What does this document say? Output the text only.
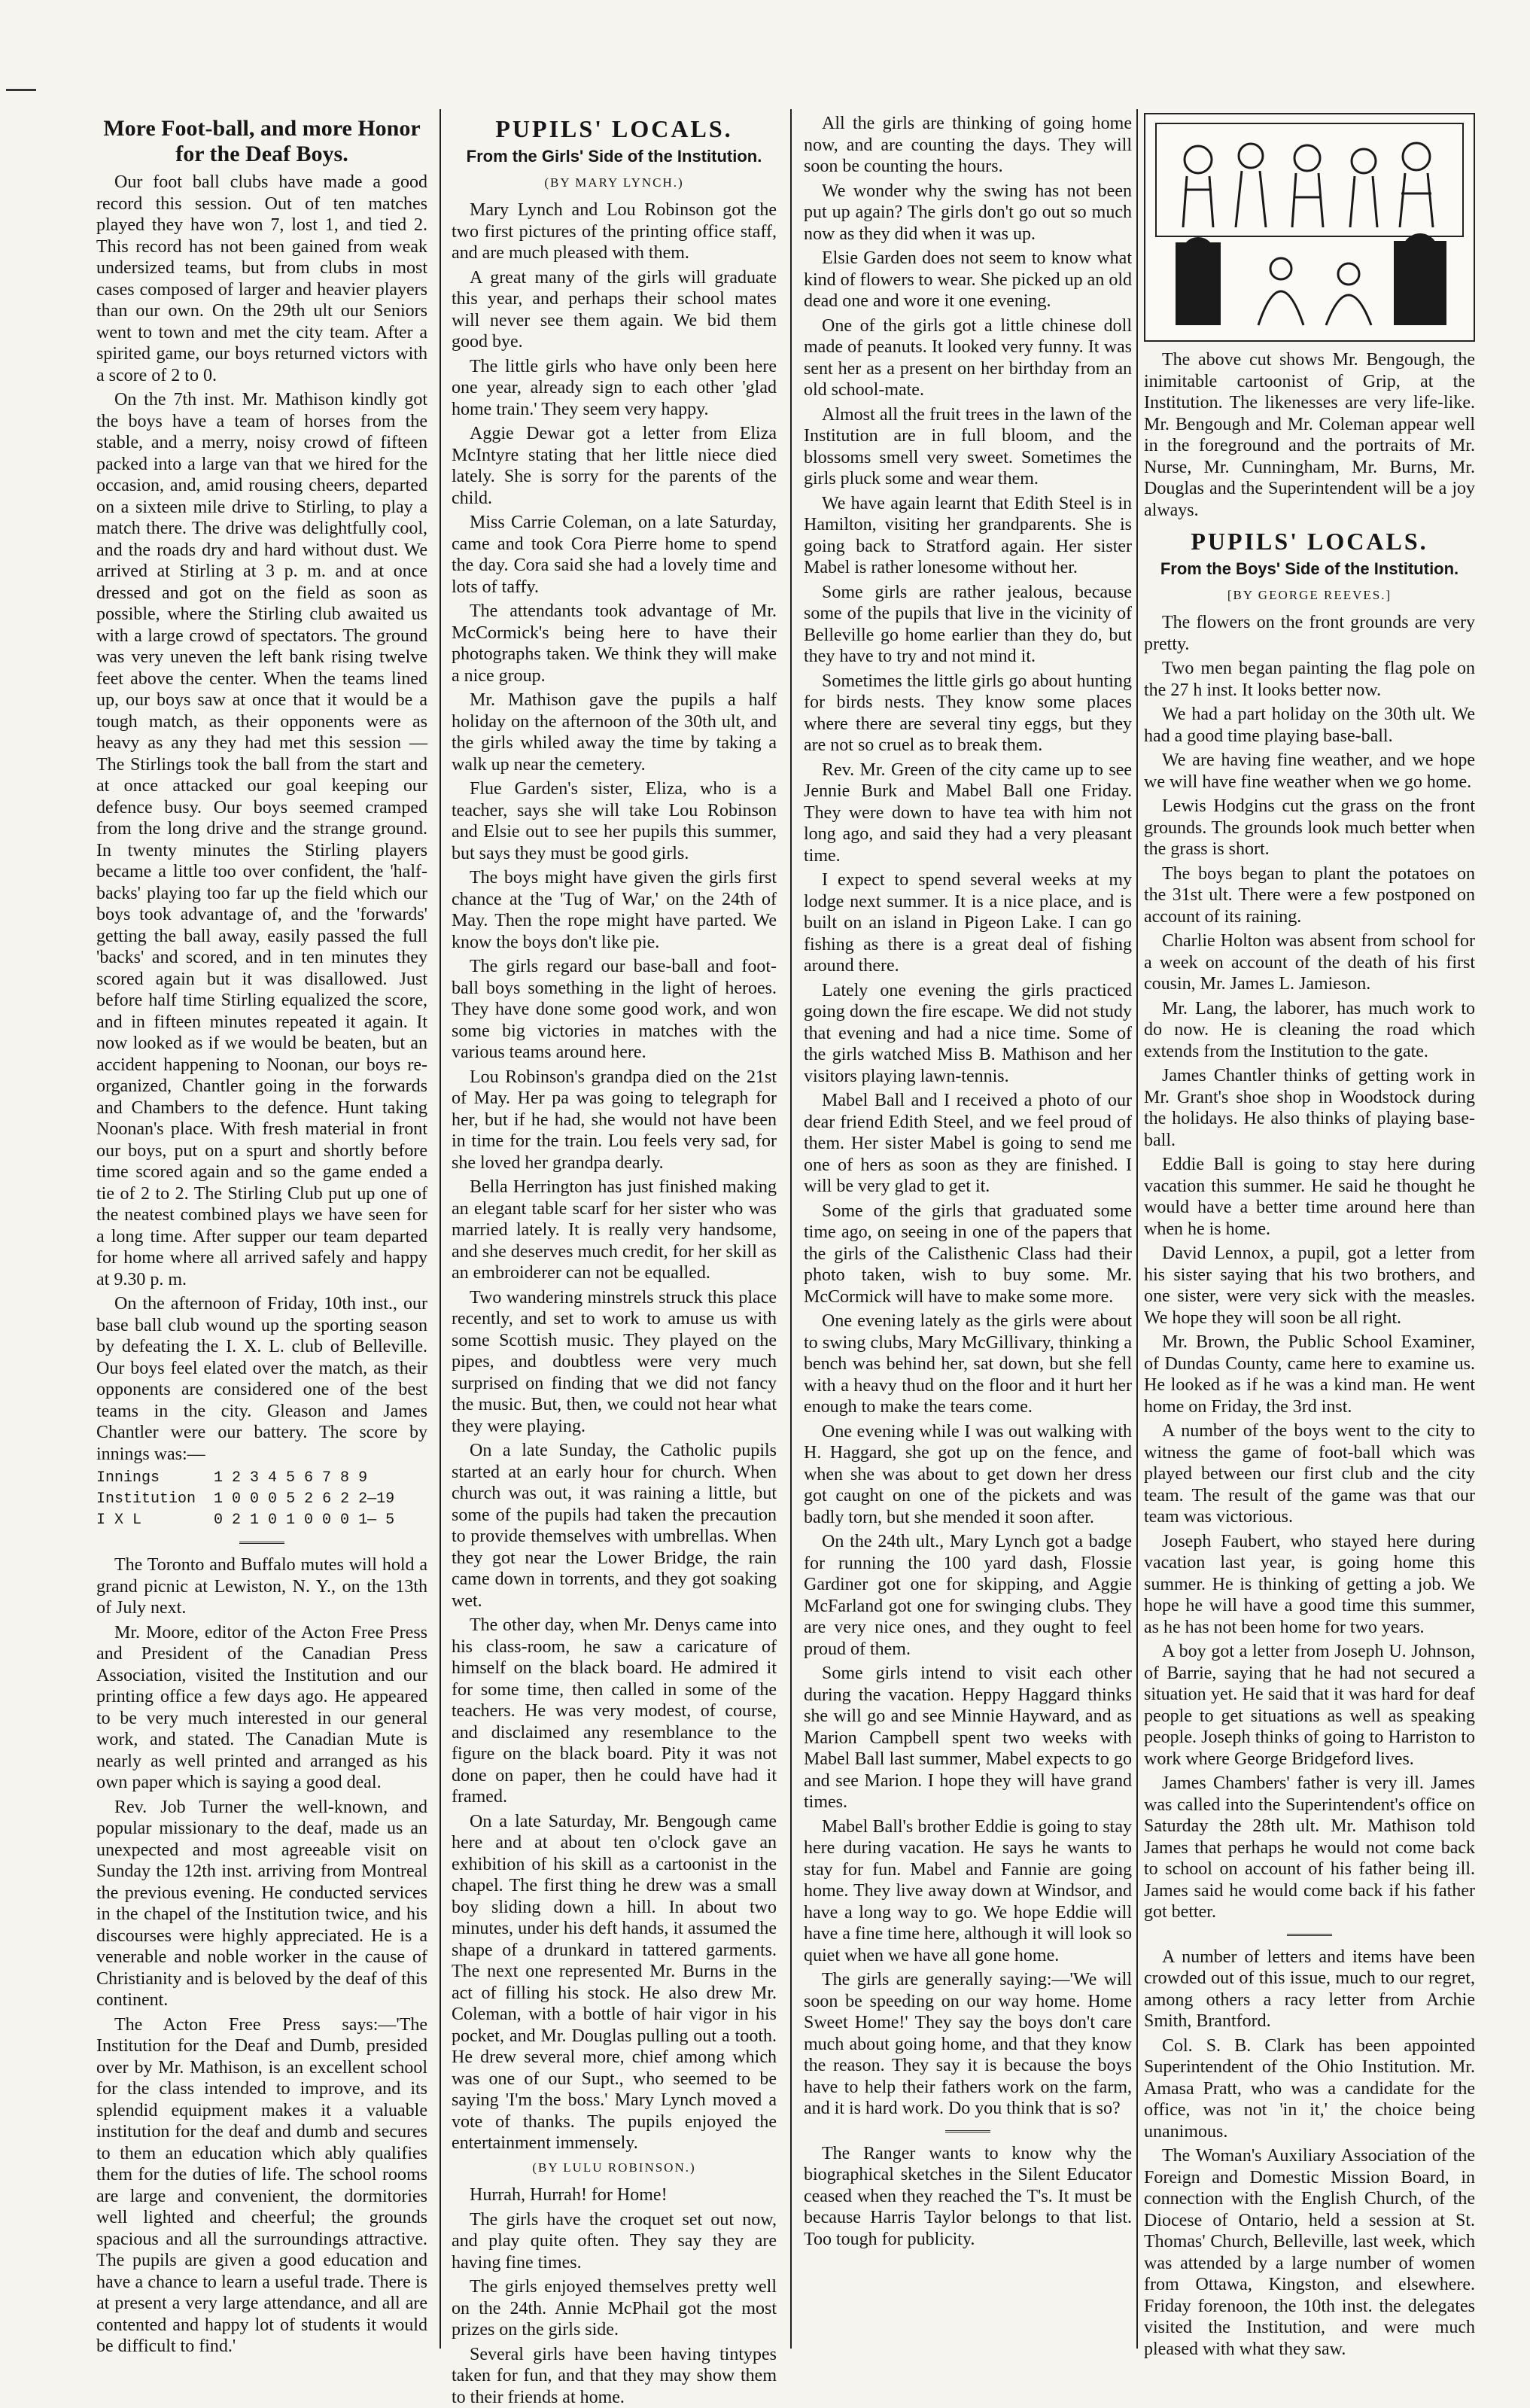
More Foot-ball, and more Honor for the Deaf Boys.
Our foot ball clubs have made a good record this session. Out of ten matches played they have won 7, lost 1, and tied 2. This record has not been gained from weak undersized teams, but from clubs in most cases composed of larger and heavier players than our own. On the 29th ult our Seniors went to town and met the city team. After a spirited game, our boys returned victors with a score of 2 to 0.
On the 7th inst. Mr. Mathison kindly got the boys have a team of horses from the stable, and a merry, noisy crowd of fifteen packed into a large van that we hired for the occasion, and, amid rousing cheers, departed on a sixteen mile drive to Stirling, to play a match there. The drive was delightfully cool, and the roads dry and hard without dust. We arrived at Stirling at 3 p. m. and at once dressed and got on the field as soon as possible, where the Stirling club awaited us with a large crowd of spectators. The ground was very uneven the left bank rising twelve feet above the center. When the teams lined up, our boys saw at once that it would be a tough match, as their opponents were as heavy as any they had met this session — The Stirlings took the ball from the start and at once attacked our goal keeping our defence busy. Our boys seemed cramped from the long drive and the strange ground. In twenty minutes the Stirling players became a little too over confident, the 'half-backs' playing too far up the field which our boys took advantage of, and the 'forwards' getting the ball away, easily passed the full 'backs' and scored, and in ten minutes they scored again but it was disallowed. Just before half time Stirling equalized the score, and in fifteen minutes repeated it again. It now looked as if we would be beaten, but an accident happening to Noonan, our boys re-organized, Chantler going in the forwards and Chambers to the defence. Hunt taking Noonan's place. With fresh material in front our boys, put on a spurt and shortly before time scored again and so the game ended a tie of 2 to 2. The Stirling Club put up one of the neatest combined plays we have seen for a long time. After supper our team departed for home where all arrived safely and happy at 9.30 p. m.
On the afternoon of Friday, 10th inst., our base ball club wound up the sporting season by defeating the I. X. L. club of Belleville. Our boys feel elated over the match, as their opponents are considered one of the best teams in the city. Gleason and James Chantler were our battery. The score by innings was:—
Innings	1 2 3 4 5 6 7 8 9
Institution 1 0 0 0 5 2 6 2 2—19
I X L	0 2 1 0 1 0 0 0 1— 5
The Toronto and Buffalo mutes will hold a grand picnic at Lewiston, N. Y., on the 13th of July next.
Mr. Moore, editor of the Acton Free Press and President of the Canadian Press Association, visited the Institution and our printing office a few days ago. He appeared to be very much interested in our general work, and stated. The Canadian Mute is nearly as well printed and arranged as his own paper which is saying a good deal.
Rev. Job Turner the well-known, and popular missionary to the deaf, made us an unexpected and most agreeable visit on Sunday the 12th inst. arriving from Montreal the previous evening. He conducted services in the chapel of the Institution twice, and his discourses were highly appreciated. He is a venerable and noble worker in the cause of Christianity and is beloved by the deaf of this continent.
The Acton Free Press says:—'The Institution for the Deaf and Dumb, presided over by Mr. Mathison, is an excellent school for the class intended to improve, and its splendid equipment makes it a valuable institution for the deaf and dumb and secures to them an education which ably qualifies them for the duties of life. The school rooms are large and convenient, the dormitories well lighted and cheerful; the grounds spacious and all the surroundings attractive. The pupils are given a good education and have a chance to learn a useful trade. There is at present a very large attendance, and all are contented and happy lot of students it would be difficult to find.'
PUPILS' LOCALS.
From the Girls' Side of the Institution.
(BY MARY LYNCH.)
Mary Lynch and Lou Robinson got the two first pictures of the printing office staff, and are much pleased with them.
A great many of the girls will graduate this year, and perhaps their school mates will never see them again. We bid them good bye.
The little girls who have only been here one year, already sign to each other 'glad home train.' They seem very happy.
Aggie Dewar got a letter from Eliza McIntyre stating that her little niece died lately. She is sorry for the parents of the child.
Miss Carrie Coleman, on a late Saturday, came and took Cora Pierre home to spend the day. Cora said she had a lovely time and lots of taffy.
The attendants took advantage of Mr. McCormick's being here to have their photographs taken. We think they will make a nice group.
Mr. Mathison gave the pupils a half holiday on the afternoon of the 30th ult, and the girls whiled away the time by taking a walk up near the cemetery.
Flue Garden's sister, Eliza, who is a teacher, says she will take Lou Robinson and Elsie out to see her pupils this summer, but says they must be good girls.
The boys might have given the girls first chance at the 'Tug of War,' on the 24th of May. Then the rope might have parted. We know the boys don't like pie.
The girls regard our base-ball and foot-ball boys something in the light of heroes. They have done some good work, and won some big victories in matches with the various teams around here.
Lou Robinson's grandpa died on the 21st of May. Her pa was going to telegraph for her, but if he had, she would not have been in time for the train. Lou feels very sad, for she loved her grandpa dearly.
Bella Herrington has just finished making an elegant table scarf for her sister who was married lately. It is really very handsome, and she deserves much credit, for her skill as an embroiderer can not be equalled.
Two wandering minstrels struck this place recently, and set to work to amuse us with some Scottish music. They played on the pipes, and doubtless were very much surprised on finding that we did not fancy the music. But, then, we could not hear what they were playing.
On a late Sunday, the Catholic pupils started at an early hour for church. When church was out, it was raining a little, but some of the pupils had taken the precaution to provide themselves with umbrellas. When they got near the Lower Bridge, the rain came down in torrents, and they got soaking wet.
The other day, when Mr. Denys came into his class-room, he saw a caricature of himself on the black board. He admired it for some time, then called in some of the teachers. He was very modest, of course, and disclaimed any resemblance to the figure on the black board. Pity it was not done on paper, then he could have had it framed.
On a late Saturday, Mr. Bengough came here and at about ten o'clock gave an exhibition of his skill as a cartoonist in the chapel. The first thing he drew was a small boy sliding down a hill. In about two minutes, under his deft hands, it assumed the shape of a drunkard in tattered garments. The next one represented Mr. Burns in the act of filling his stock. He also drew Mr. Coleman, with a bottle of hair vigor in his pocket, and Mr. Douglas pulling out a tooth. He drew several more, chief among which was one of our Supt., who seemed to be saying 'I'm the boss.' Mary Lynch moved a vote of thanks. The pupils enjoyed the entertainment immensely.
(BY LULU ROBINSON.)
Hurrah, Hurrah! for Home!
The girls have the croquet set out now, and play quite often. They say they are having fine times.
The girls enjoyed themselves pretty well on the 24th. Annie McPhail got the most prizes on the girls side.
Several girls have been having tintypes taken for fun, and that they may show them to their friends at home.
All the girls are thinking of going home now, and are counting the days. They will soon be counting the hours.
We wonder why the swing has not been put up again? The girls don't go out so much now as they did when it was up.
Elsie Garden does not seem to know what kind of flowers to wear. She picked up an old dead one and wore it one evening.
One of the girls got a little chinese doll made of peanuts. It looked very funny. It was sent her as a present on her birthday from an old school-mate.
Almost all the fruit trees in the lawn of the Institution are in full bloom, and the blossoms smell very sweet. Sometimes the girls pluck some and wear them.
We have again learnt that Edith Steel is in Hamilton, visiting her grandparents. She is going back to Stratford again. Her sister Mabel is rather lonesome without her.
Some girls are rather jealous, because some of the pupils that live in the vicinity of Belleville go home earlier than they do, but they have to try and not mind it.
Sometimes the little girls go about hunting for birds nests. They know some places where there are several tiny eggs, but they are not so cruel as to break them.
Rev. Mr. Green of the city came up to see Jennie Burk and Mabel Ball one Friday. They were down to have tea with him not long ago, and said they had a very pleasant time.
I expect to spend several weeks at my lodge next summer. It is a nice place, and is built on an island in Pigeon Lake. I can go fishing as there is a great deal of fishing around there.
Lately one evening the girls practiced going down the fire escape. We did not study that evening and had a nice time. Some of the girls watched Miss B. Mathison and her visitors playing lawn-tennis.
Mabel Ball and I received a photo of our dear friend Edith Steel, and we feel proud of them. Her sister Mabel is going to send me one of hers as soon as they are finished. I will be very glad to get it.
Some of the girls that graduated some time ago, on seeing in one of the papers that the girls of the Calisthenic Class had their photo taken, wish to buy some. Mr. McCormick will have to make some more.
One evening lately as the girls were about to swing clubs, Mary McGillivary, thinking a bench was behind her, sat down, but she fell with a heavy thud on the floor and it hurt her enough to make the tears come.
One evening while I was out walking with H. Haggard, she got up on the fence, and when she was about to get down her dress got caught on one of the pickets and was badly torn, but she mended it soon after.
On the 24th ult., Mary Lynch got a badge for running the 100 yard dash, Flossie Gardiner got one for skipping, and Aggie McFarland got one for swinging clubs. They are very nice ones, and they ought to feel proud of them.
Some girls intend to visit each other during the vacation. Heppy Haggard thinks she will go and see Minnie Hayward, and as Marion Campbell spent two weeks with Mabel Ball last summer, Mabel expects to go and see Marion. I hope they will have grand times.
Mabel Ball's brother Eddie is going to stay here during vacation. He says he wants to stay for fun. Mabel and Fannie are going home. They live away down at Windsor, and have a long way to go. We hope Eddie will have a fine time here, although it will look so quiet when we have all gone home.
The girls are generally saying:—'We will soon be speeding on our way home. Home Sweet Home!' They say the boys don't care much about going home, and that they know the reason. They say it is because the boys have to help their fathers work on the farm, and it is hard work. Do you think that is so?
The Ranger wants to know why the biographical sketches in the Silent Educator ceased when they reached the T's. It must be because Harris Taylor belongs to that list. Too tough for publicity.
The above cut shows Mr. Bengough, the inimitable cartoonist of Grip, at the Institution. The likenesses are very life-like. Mr. Bengough and Mr. Coleman appear well in the foreground and the portraits of Mr. Nurse, Mr. Cunningham, Mr. Burns, Mr. Douglas and the Superintendent will be a joy always.
PUPILS' LOCALS.
From the Boys' Side of the Institution.
[BY GEORGE REEVES.]
The flowers on the front grounds are very pretty.
Two men began painting the flag pole on the 27 h inst. It looks better now.
We had a part holiday on the 30th ult. We had a good time playing base-ball.
We are having fine weather, and we hope we will have fine weather when we go home.
Lewis Hodgins cut the grass on the front grounds. The grounds look much better when the grass is short.
The boys began to plant the potatoes on the 31st ult. There were a few postponed on account of its raining.
Charlie Holton was absent from school for a week on account of the death of his first cousin, Mr. James L. Jamieson.
Mr. Lang, the laborer, has much work to do now. He is cleaning the road which extends from the Institution to the gate.
James Chantler thinks of getting work in Mr. Grant's shoe shop in Woodstock during the holidays. He also thinks of playing base-ball.
Eddie Ball is going to stay here during vacation this summer. He said he thought he would have a better time around here than when he is home.
David Lennox, a pupil, got a letter from his sister saying that his two brothers, and one sister, were very sick with the measles. We hope they will soon be all right.
Mr. Brown, the Public School Examiner, of Dundas County, came here to examine us. He looked as if he was a kind man. He went home on Friday, the 3rd inst.
A number of the boys went to the city to witness the game of foot-ball which was played between our first club and the city team. The result of the game was that our team was victorious.
Joseph Faubert, who stayed here during vacation last year, is going home this summer. He is thinking of getting a job. We hope he will have a good time this summer, as he has not been home for two years.
A boy got a letter from Joseph U. Johnson, of Barrie, saying that he had not secured a situation yet. He said that it was hard for deaf people to get situations as well as speaking people. Joseph thinks of going to Harriston to work where George Bridgeford lives.
James Chambers' father is very ill. James was called into the Superintendent's office on Saturday the 28th ult. Mr. Mathison told James that perhaps he would not come back to school on account of his father being ill. James said he would come back if his father got better.
A number of letters and items have been crowded out of this issue, much to our regret, among others a racy letter from Archie Smith, Brantford.
Col. S. B. Clark has been appointed Superintendent of the Ohio Institution. Mr. Amasa Pratt, who was a candidate for the office, was not 'in it,' the choice being unanimous.
The Woman's Auxiliary Association of the Foreign and Domestic Mission Board, in connection with the English Church, of the Diocese of Ontario, held a session at St. Thomas' Church, Belleville, last week, which was attended by a large number of women from Ottawa, Kingston, and elsewhere. Friday forenoon, the 10th inst. the delegates visited the Institution, and were much pleased with what they saw.
